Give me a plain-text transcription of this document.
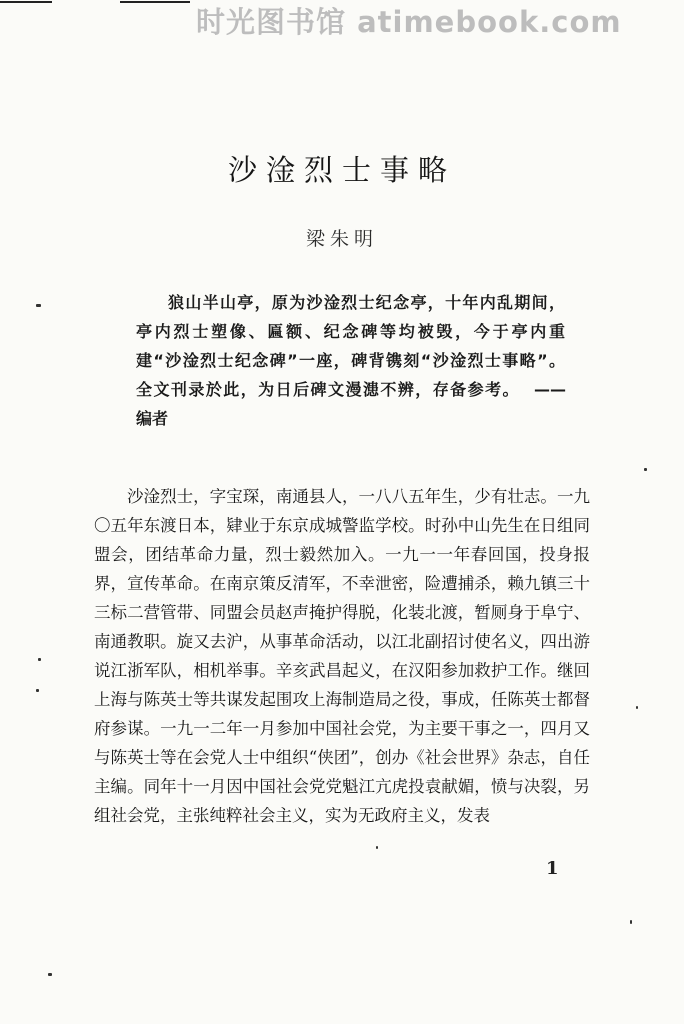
时光图书馆 atimebook.com
沙淦烈士事略
梁朱明
狼山半山亭，原为沙淦烈士纪念亭，十年内乱期间，亭内烈士塑像、匾额、纪念碑等均被毁，今于亭内重建“沙淦烈士纪念碑”一座，碑背镌刻“沙淦烈士事略”。全文刊录於此，为日后碑文漫漶不辨，存备参考。 ——编者
沙淦烈士，字宝琛，南通县人，一八八五年生，少有壮志。一九〇五年东渡日本，肄业于东京成城警监学校。时孙中山先生在日组同盟会，团结革命力量，烈士毅然加入。一九一一年春回国，投身报界，宣传革命。在南京策反清军，不幸泄密，险遭捕杀，赖九镇三十三标二营管带、同盟会员赵声掩护得脱，化装北渡，暂厕身于阜宁、南通教职。旋又去沪，从事革命活动，以江北副招讨使名义，四出游说江浙军队，相机举事。辛亥武昌起义，在汉阳参加救护工作。继回上海与陈英士等共谋发起围攻上海制造局之役，事成，任陈英士都督府参谋。一九一二年一月参加中国社会党，为主要干事之一，四月又与陈英士等在会党人士中组织“侠团”，创办《社会世界》杂志，自任主编。同年十一月因中国社会党党魁江亢虎投袁献媚，愤与决裂，另组社会党，主张纯粹社会主义，实为无政府主义，发表
1
